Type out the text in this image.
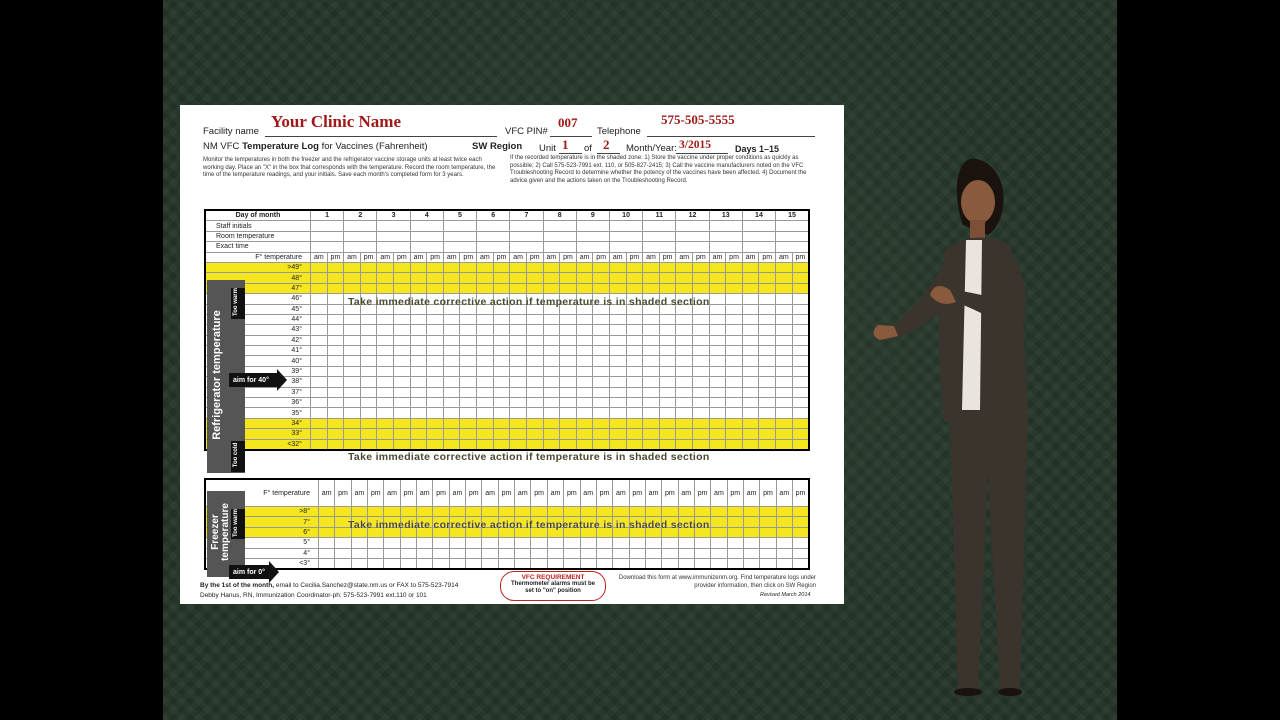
Your Clinic Name
Facility name	VFC PIN#
007
Telephone
575-505-5555
NM VFC Temperature Log for Vaccines (Fahrenheit)	SW Region Unit 1 of 2 Month/Year: 3/2015	Days 1–15
Monitor the temperatures in both the freezer and the refrigerator vaccine storage units at least twice each working day. Place an "X" in the box that corresponds with the temperature. Record the room temperature, the time of the temperature readings, and your initials. Save each month's completed form for 3 years.
If the recorded temperature is in the shaded zone: 1) Store the vaccine under proper conditions as quickly as possible; 2) Call 575-523-7991 ext. 110, or 505-827-2415; 3) Call the vaccine manufacturers noted on the VFC Troubleshooting Record to determine whether the potency of the vaccines have been affected. 4) Document the advice given and the actions taken on the Troubleshooting Record.
Day of month	1		2		3		4		5		6		7		8		9		10		11		12		13		14		15	
Staff initials																														
Room temperature																														
Exact time																														
F° temperature	am	pm	am	pm	am	pm	am	pm	am	pm	am	pm	am	pm	am	pm	am	pm	am	pm	am	pm	am	pm	am	pm	am	pm	am	pm
>49°																														
48°																														
47°																														
46°																														
45°																														
44°																														
43°																														
42°																														
41°																														
40°																														
39°																														
38°																														
37°																														
36°																														
35°																														
34°																														
33°																														
<32°																														
Refrigerator temperature
Too warm
Too cold
aim for 40°
Take immediate corrective action if temperature is in shaded section
Take immediate corrective action if temperature is in shaded section
F° temperature	am	pm	am	pm	am	pm	am	pm	am	pm	am	pm	am	pm	am	pm	am	pm	am	pm	am	pm	am	pm	am	pm	am	pm	am	pm
>8°																														
7°																														
6°																														
5°																														
4°																														
<3°																														
Freezer temperature Too warm
aim for 0°
Take immediate corrective action if temperature is in shaded section
By the 1st of the month, email to Cecilia.Sanchez@state.nm.us or FAX to 575-523-7914
Debby Hanus, RN, Immunization Coordinator-ph: 575-523-7991 ext.110 or 101
VFC REQUIREMENT
Thermometer alarms must be set to "on" position
Download this form at www.immunizenm.org. Find temperature logs under provider information, then click on SW Region
Revised March 2014
